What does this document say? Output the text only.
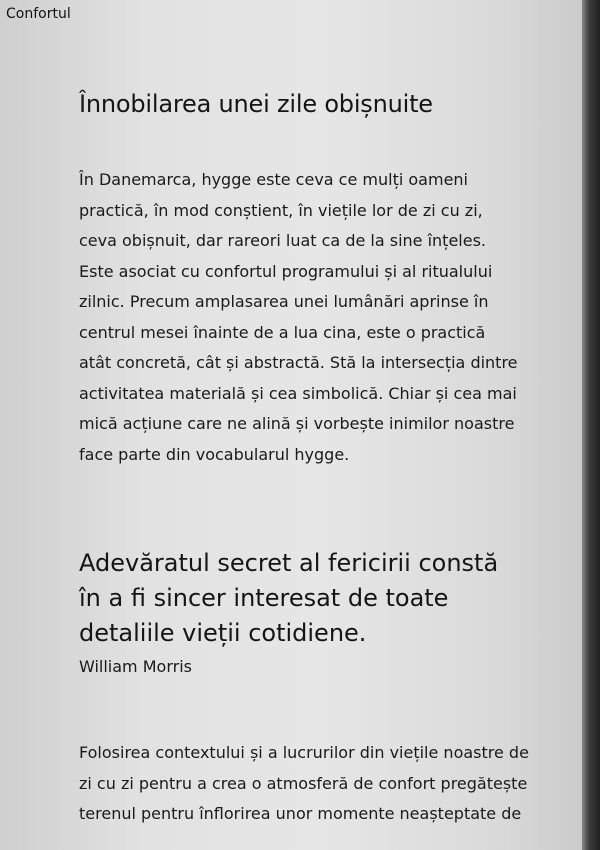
Confortul
Înnobilarea unei zile obișnuite

În Danemarca, hygge este ceva ce mulți oameni
practică, în mod conștient, în viețile lor de zi cu zi,
ceva obișnuit, dar rareori luat ca de la sine înțeles.
Este asociat cu confortul programului și al ritualului
zilnic. Precum amplasarea unei lumânări aprinse în
centrul mesei înainte de a lua cina, este o practică
atât concretă, cât și abstractă. Stă la intersecția dintre
activitatea materială și cea simbolică. Chiar și cea mai
mică acțiune care ne alină și vorbește inimilor noastre
face parte din vocabularul hygge.

Adevăratul secret al fericirii constă
în a fi sincer interesat de toate
detaliile vieții cotidiene.
William Morris

Folosirea contextului și a lucrurilor din viețile noastre de
zi cu zi pentru a crea o atmosferă de confort pregătește
terenul pentru înflorirea unor momente neașteptate de
